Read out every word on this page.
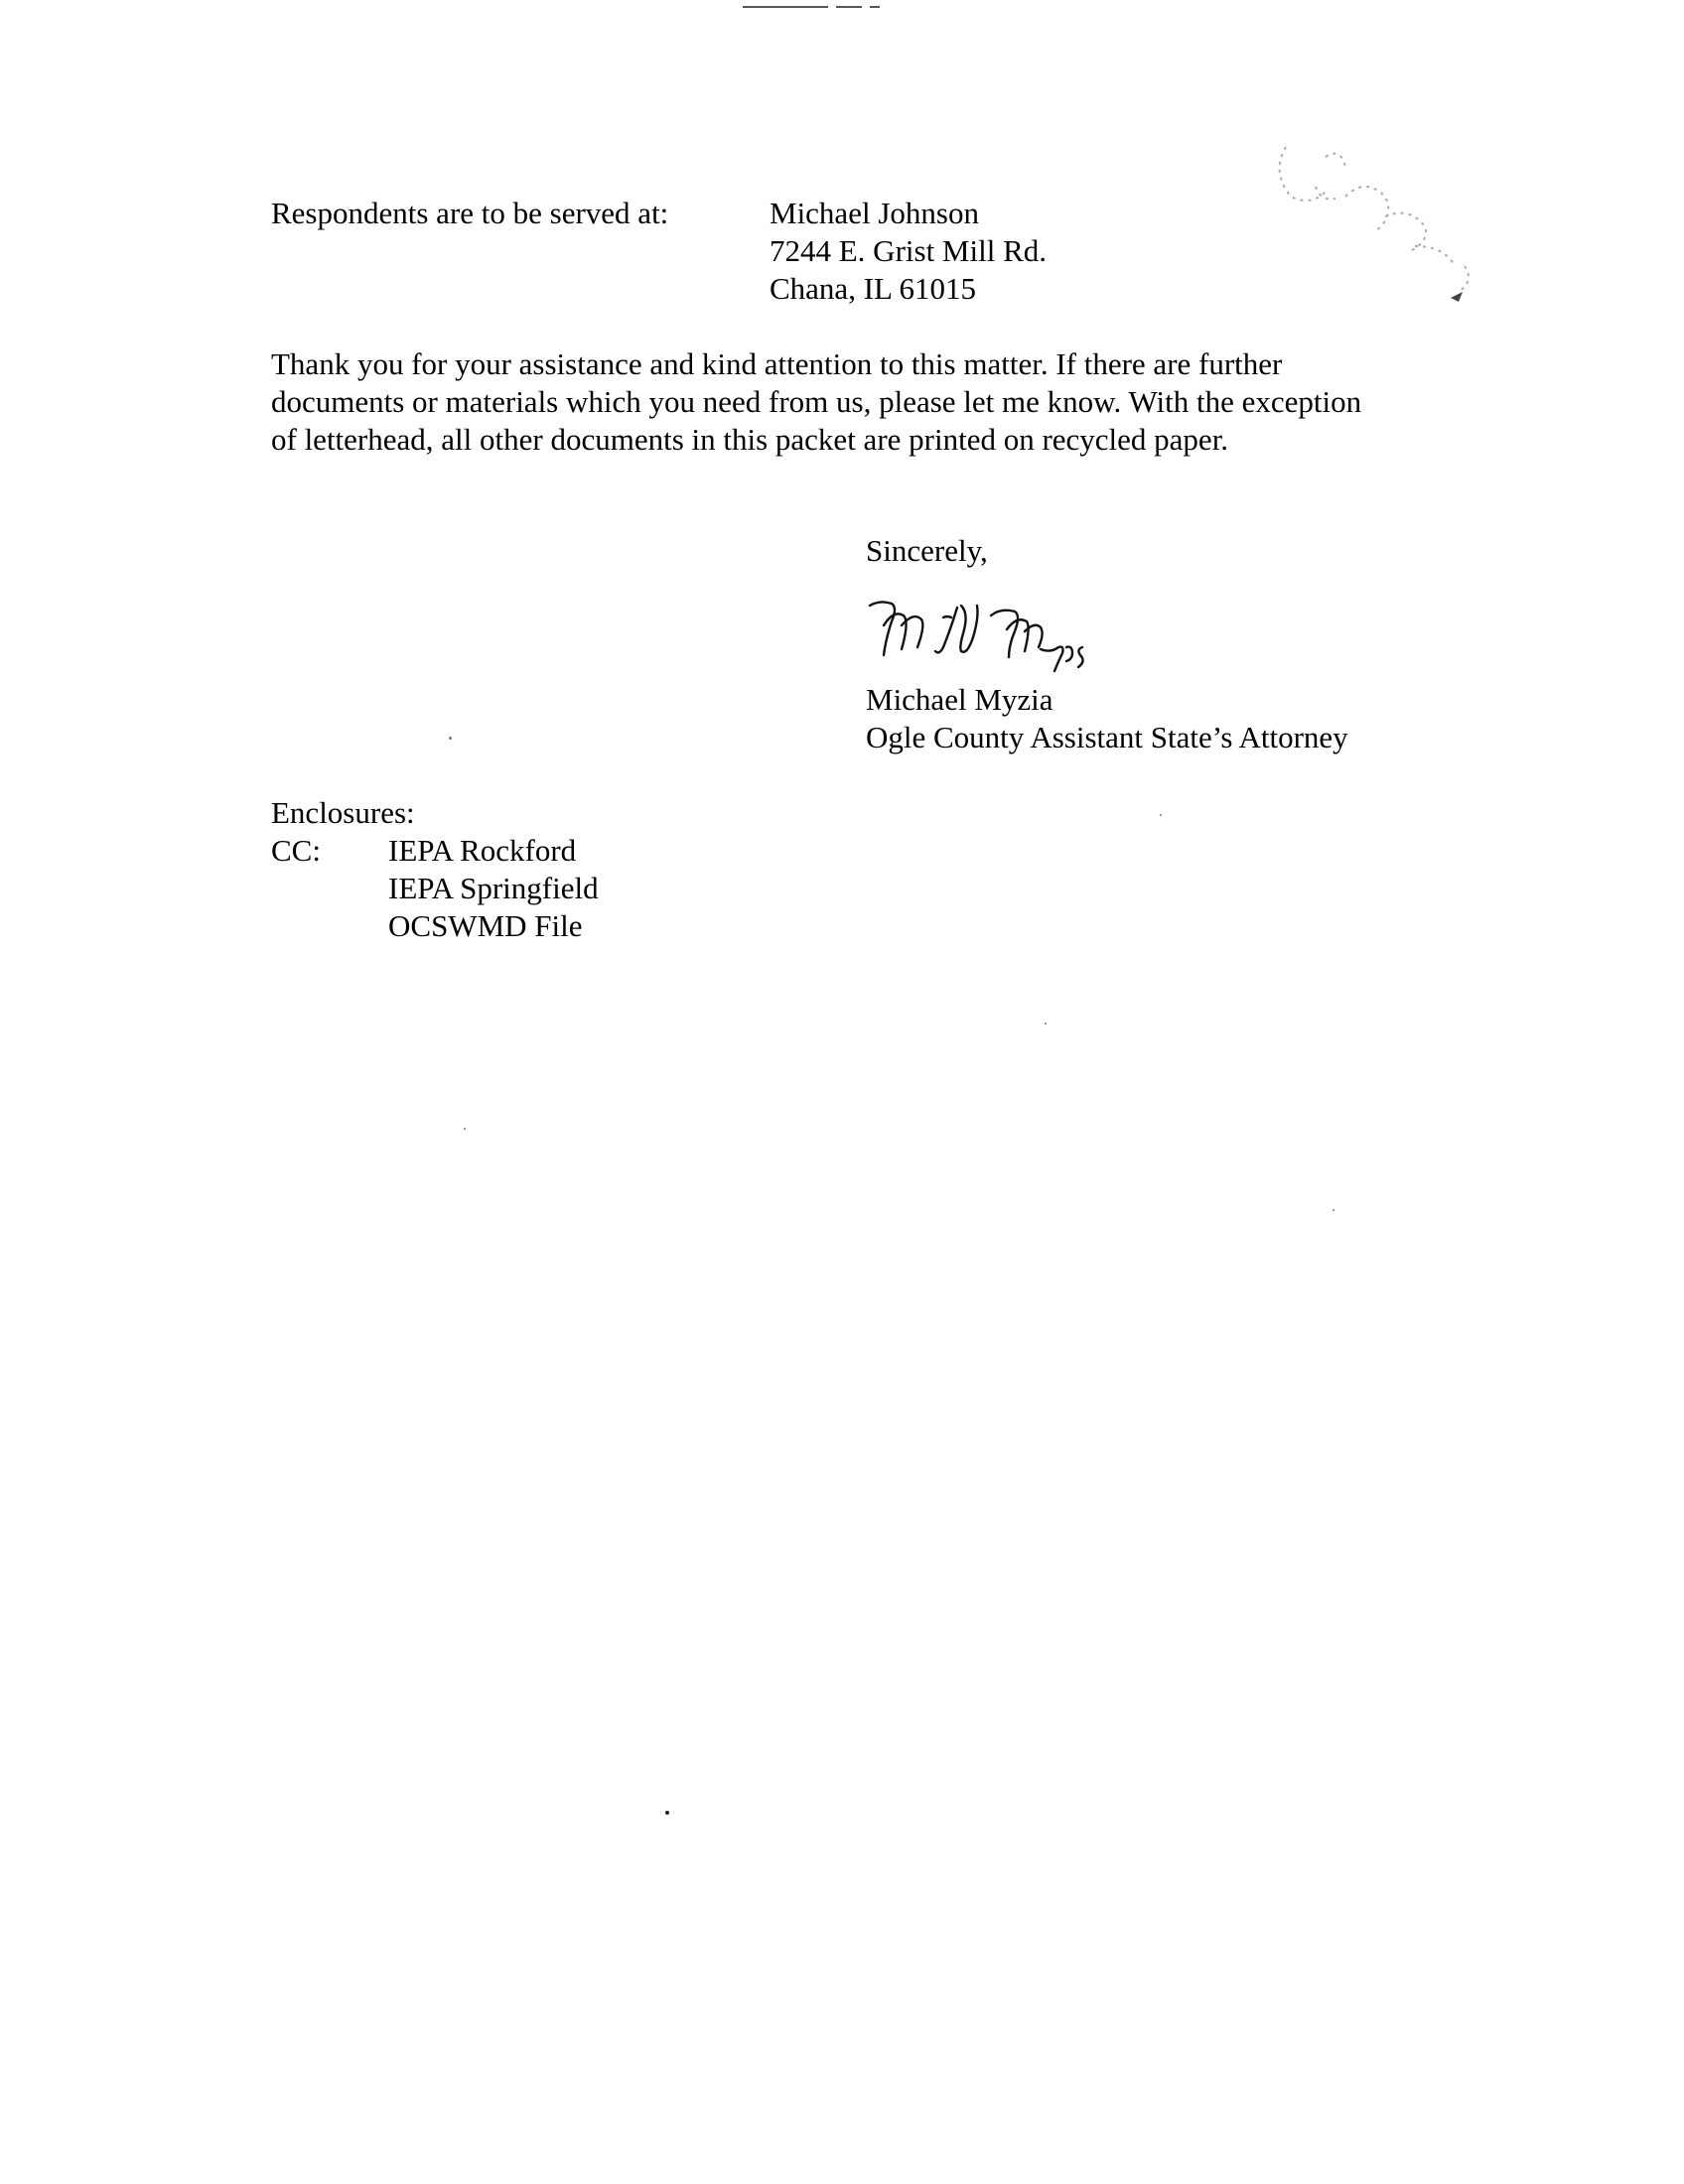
Respondents are to be served at:	Michael Johnson
7244 E. Grist Mill Rd.
Chana, IL 61015
Thank you for your assistance and kind attention to this matter. If there are further
documents or materials which you need from us, please let me know. With the exception
of letterhead, all other documents in this packet are printed on recycled paper.
Sincerely,
Michael Myzia
Ogle County Assistant State’s Attorney
Enclosures:
CC: IEPA Rockford
IEPA Springfield
OCSWMD File
